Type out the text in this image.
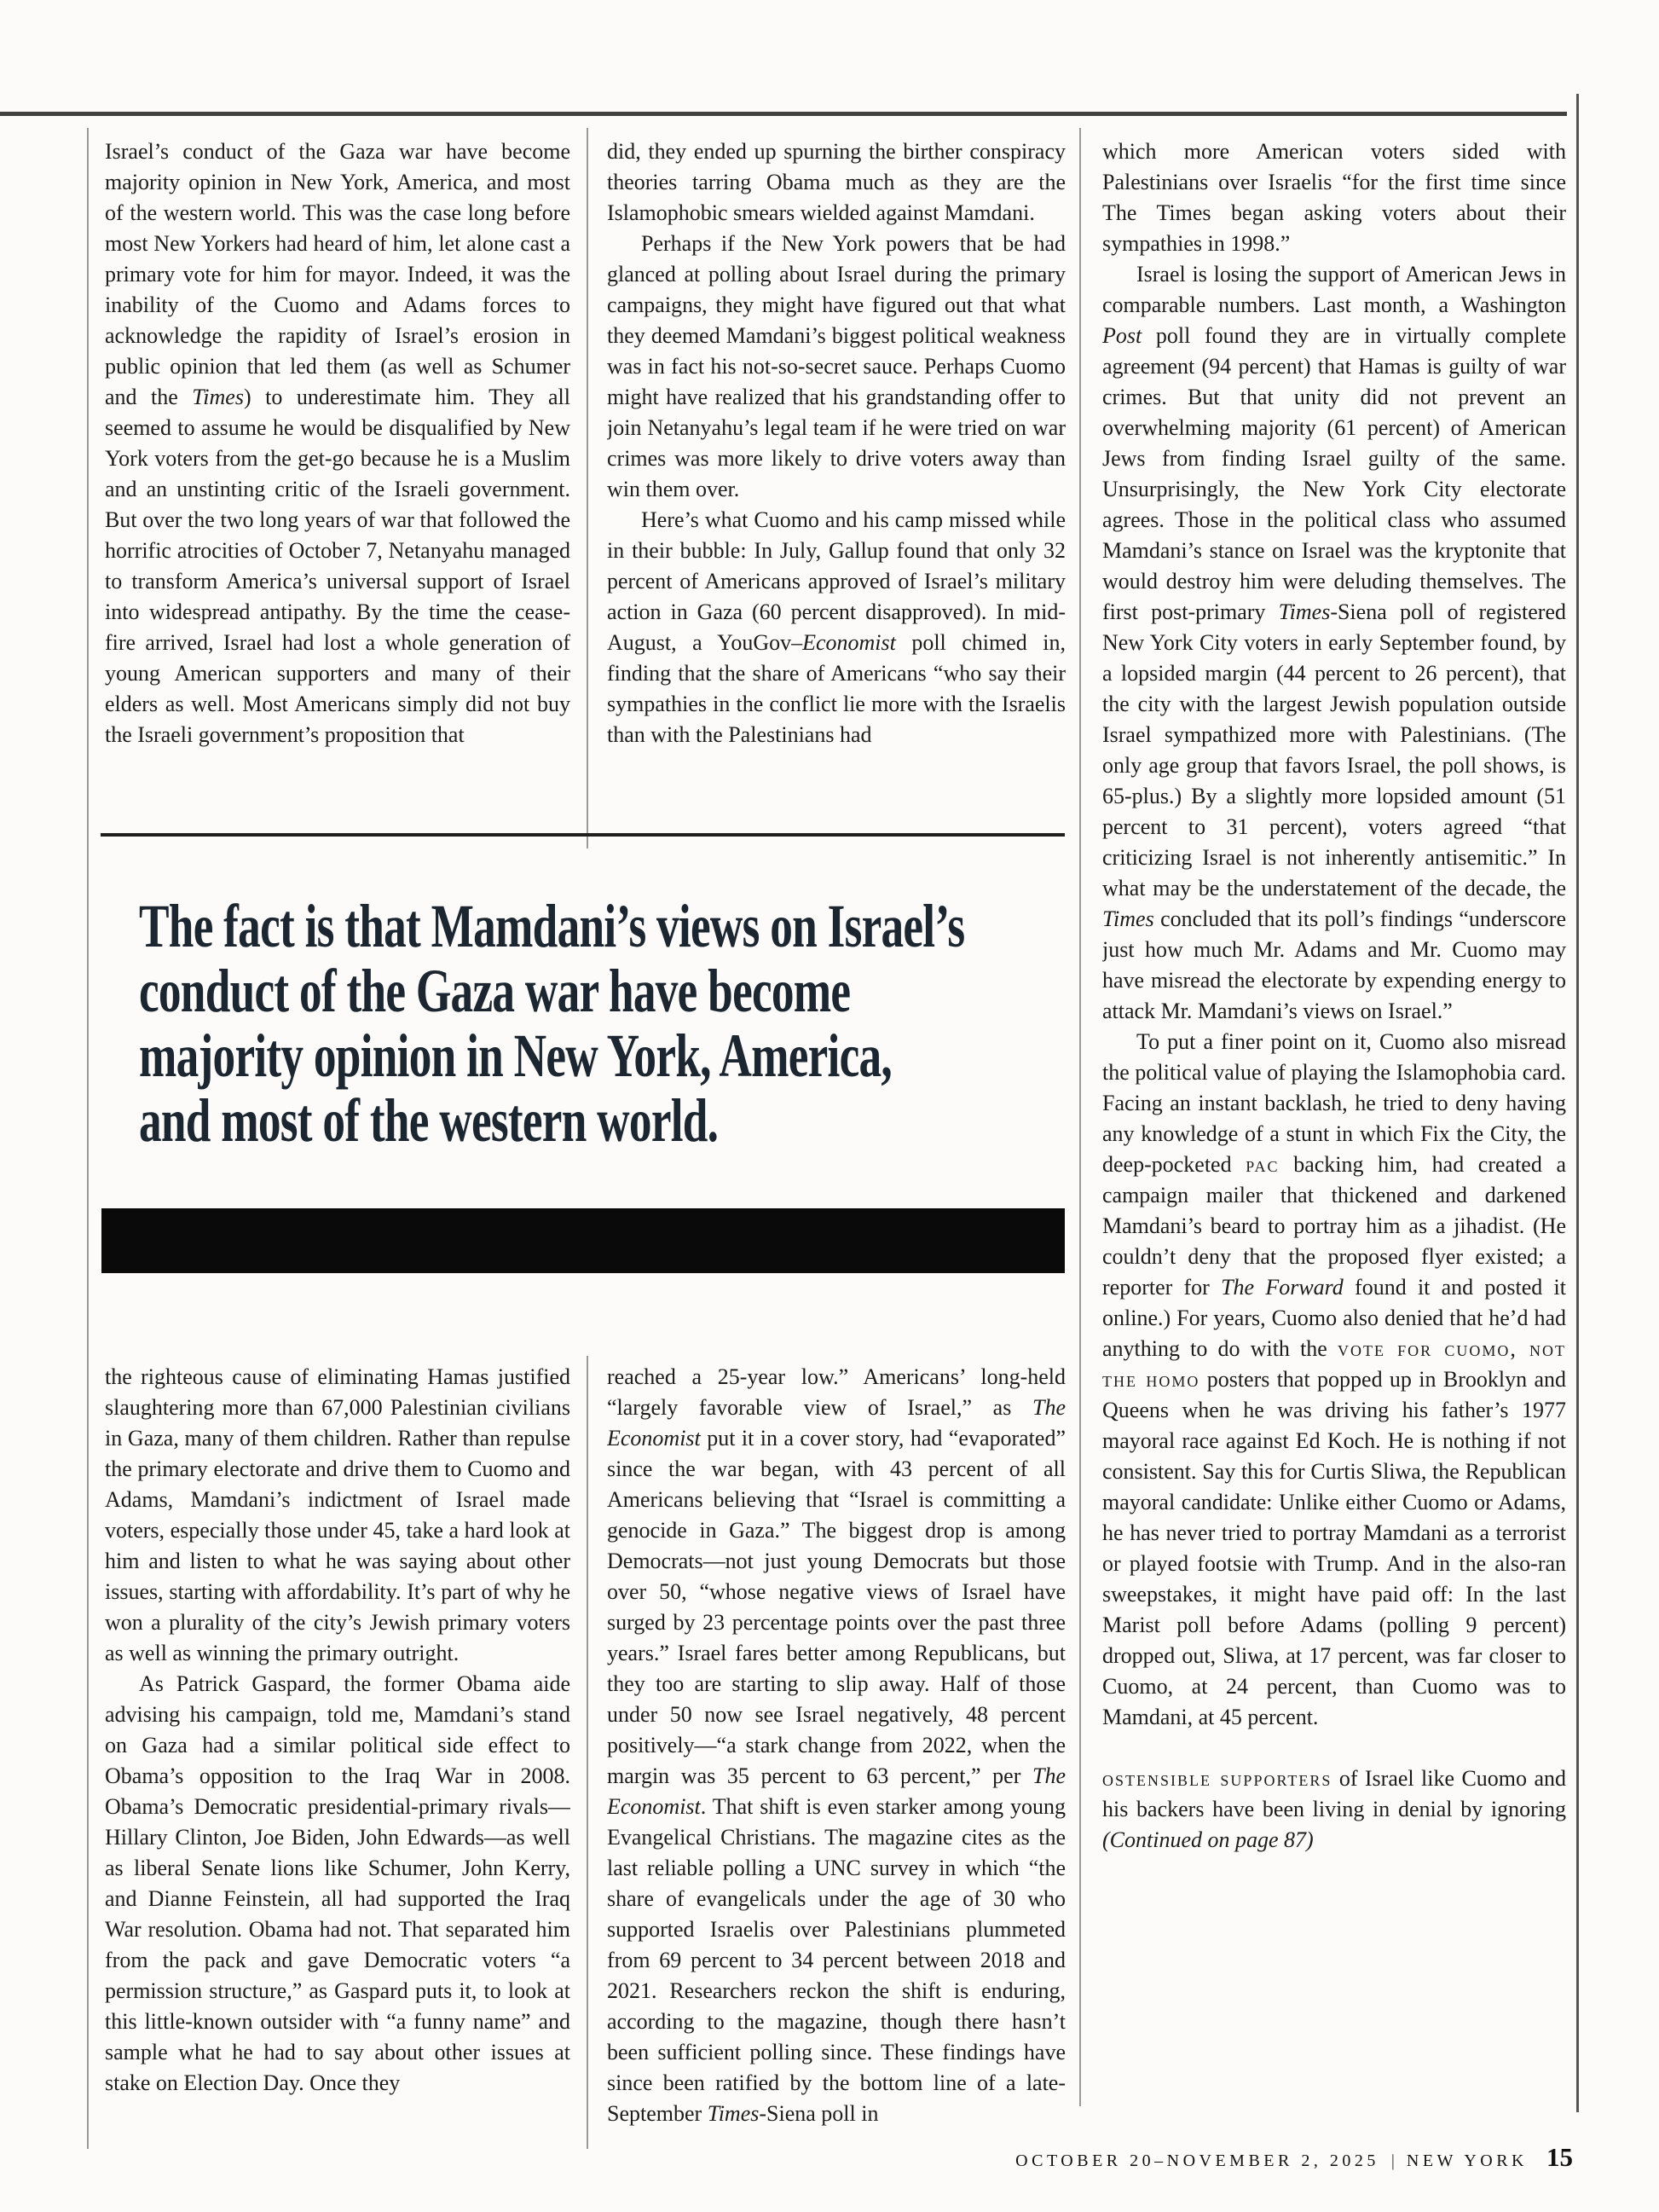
Israel’s conduct of the Gaza war have become majority opinion in New York, America, and most of the western world. This was the case long before most New Yorkers had heard of him, let alone cast a primary vote for him for mayor. Indeed, it was the inability of the Cuomo and Adams forces to acknowledge the rapidity of Israel’s erosion in public opinion that led them (as well as Schumer and the Times) to underestimate him. They all seemed to assume he would be disqualified by New York voters from the get-go because he is a Muslim and an unstinting critic of the Israeli government. But over the two long years of war that followed the horrific atrocities of October 7, Netanyahu managed to transform America’s universal support of Israel into widespread antipathy. By the time the cease-fire arrived, Israel had lost a whole generation of young American supporters and many of their elders as well. Most Americans simply did not buy the Israeli government’s proposition that

did, they ended up spurning the birther conspiracy theories tarring Obama much as they are the Islamophobic smears wielded against Mamdani.

Perhaps if the New York powers that be had glanced at polling about Israel during the primary campaigns, they might have figured out that what they deemed Mamdani’s biggest political weakness was in fact his not-so-secret sauce. Perhaps Cuomo might have realized that his grandstanding offer to join Netanyahu’s legal team if he were tried on war crimes was more likely to drive voters away than win them over.

Here’s what Cuomo and his camp missed while in their bubble: In July, Gallup found that only 32 percent of Americans approved of Israel’s military action in Gaza (60 percent disapproved). In mid-August, a YouGov–Economist poll chimed in, finding that the share of Americans “who say their sympathies in the conflict lie more with the Israelis than with the Palestinians had

which more American voters sided with Palestinians over Israelis “for the first time since The Times began asking voters about their sympathies in 1998.”

Israel is losing the support of American Jews in comparable numbers. Last month, a Washington Post poll found they are in virtually complete agreement (94 percent) that Hamas is guilty of war crimes. But that unity did not prevent an overwhelming majority (61 percent) of American Jews from finding Israel guilty of the same. Unsurprisingly, the New York City electorate agrees. Those in the political class who assumed Mamdani’s stance on Israel was the kryptonite that would destroy him were deluding themselves. The first post-primary Times-Siena poll of registered New York City voters in early September found, by a lopsided margin (44 percent to 26 percent), that the city with the largest Jewish population outside Israel sympathized more with Palestinians. (The only age group that favors Israel, the poll shows, is 65-plus.) By a slightly more lopsided amount (51 percent to 31 percent), voters agreed “that criticizing Israel is not inherently antisemitic.” In what may be the understatement of the decade, the Times concluded that its poll’s findings “underscore just how much Mr. Adams and Mr. Cuomo may have misread the electorate by expending energy to attack Mr. Mamdani’s views on Israel.”

To put a finer point on it, Cuomo also misread the political value of playing the Islamophobia card. Facing an instant backlash, he tried to deny having any knowledge of a stunt in which Fix the City, the deep-pocketed pac backing him, had created a campaign mailer that thickened and darkened Mamdani’s beard to portray him as a jihadist. (He couldn’t deny that the proposed flyer existed; a reporter for The Forward found it and posted it online.) For years, Cuomo also denied that he’d had anything to do with the vote for cuomo, not the homo posters that popped up in Brooklyn and Queens when he was driving his father’s 1977 mayoral race against Ed Koch. He is nothing if not consistent. Say this for Curtis Sliwa, the Republican mayoral candidate: Unlike either Cuomo or Adams, he has never tried to portray Mamdani as a terrorist or played footsie with Trump. And in the also-ran sweepstakes, it might have paid off: In the last Marist poll before Adams (polling 9 percent) dropped out, Sliwa, at 17 percent, was far closer to Cuomo, at 24 percent, than Cuomo was to Mamdani, at 45 percent.

ostensible supporters of Israel like Cuomo and his backers have been living in denial by ignoring (Continued on page 87)

The fact is that Mamdani’s views on Israel’s
conduct of the Gaza war have become
majority opinion in New York, America,
and most of the western world.

the righteous cause of eliminating Hamas justified slaughtering more than 67,000 Palestinian civilians in Gaza, many of them children. Rather than repulse the primary electorate and drive them to Cuomo and Adams, Mamdani’s indictment of Israel made voters, especially those under 45, take a hard look at him and listen to what he was saying about other issues, starting with affordability. It’s part of why he won a plurality of the city’s Jewish primary voters as well as winning the primary outright.

As Patrick Gaspard, the former Obama aide advising his campaign, told me, Mamdani’s stand on Gaza had a similar political side effect to Obama’s opposition to the Iraq War in 2008. Obama’s Democratic presidential-primary rivals—Hillary Clinton, Joe Biden, John Edwards—as well as liberal Senate lions like Schumer, John Kerry, and Dianne Feinstein, all had supported the Iraq War resolution. Obama had not. That separated him from the pack and gave Democratic voters “a permission structure,” as Gaspard puts it, to look at this little-known outsider with “a funny name” and sample what he had to say about other issues at stake on Election Day. Once they

reached a 25-year low.” Americans’ long-held “largely favorable view of Israel,” as The Economist put it in a cover story, had “evaporated” since the war began, with 43 percent of all Americans believing that “Israel is committing a genocide in Gaza.” The biggest drop is among Democrats—not just young Democrats but those over 50, “whose negative views of Israel have surged by 23 percentage points over the past three years.” Israel fares better among Republicans, but they too are starting to slip away. Half of those under 50 now see Israel negatively, 48 percent positively—“a stark change from 2022, when the margin was 35 percent to 63 percent,” per The Economist. That shift is even starker among young Evangelical Christians. The magazine cites as the last reliable polling a UNC survey in which “the share of evangelicals under the age of 30 who supported Israelis over Palestinians plummeted from 69 percent to 34 percent between 2018 and 2021. Researchers reckon the shift is enduring, according to the magazine, though there hasn’t been sufficient polling since. These findings have since been ratified by the bottom line of a late-September Times-Siena poll in

OCTOBER 20–NOVEMBER 2, 2025 | NEW YORK 15
